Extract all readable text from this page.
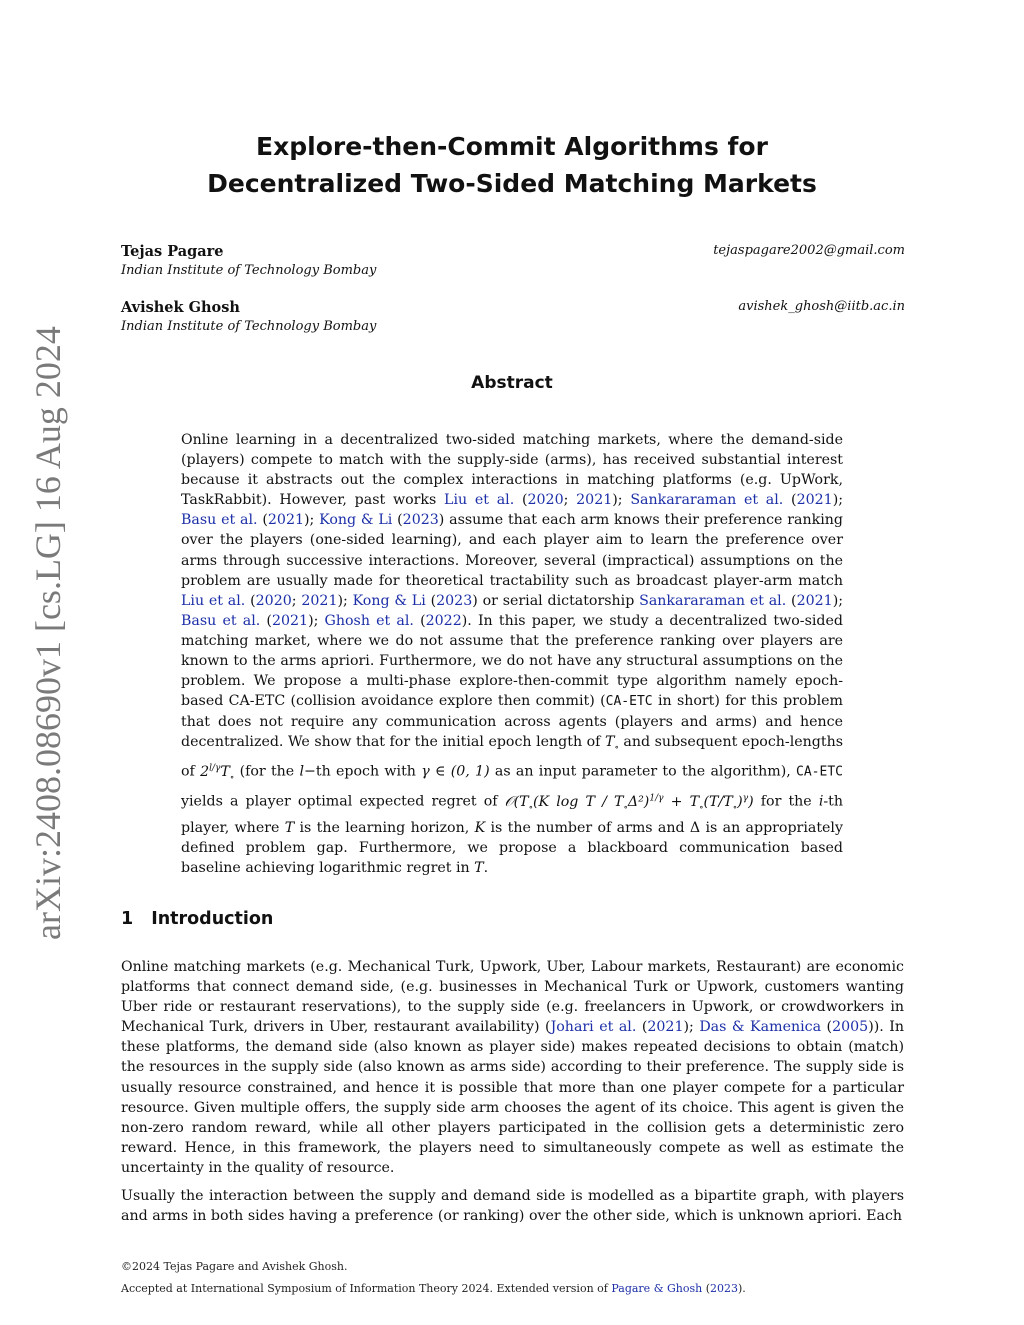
arXiv:2408.08690v1 [cs.LG] 16 Aug 2024
Explore-then-Commit Algorithms for
Decentralized Two-Sided Matching Markets
Tejas Pagare
Indian Institute of Technology Bombay
tejaspagare2002@gmail.com
Avishek Ghosh
Indian Institute of Technology Bombay
avishek_ghosh@iitb.ac.in
Abstract

Online learning in a decentralized two-sided matching markets, where the demand-side (players) compete to match with the supply-side (arms), has received substantial interest because it abstracts out the complex interactions in matching platforms (e.g. UpWork, TaskRabbit). However, past works Liu et al. (2020; 2021); Sankararaman et al. (2021); Basu et al. (2021); Kong & Li (2023) assume that each arm knows their preference ranking over the players (one-sided learning), and each player aim to learn the preference over arms through successive interactions. Moreover, several (impractical) assumptions on the problem are usually made for theoretical tractability such as broadcast player-arm match Liu et al. (2020; 2021); Kong & Li (2023) or serial dictatorship Sankararaman et al. (2021); Basu et al. (2021); Ghosh et al. (2022). In this paper, we study a decentralized two-sided matching market, where we do not assume that the preference ranking over players are known to the arms apriori. Furthermore, we do not have any structural assumptions on the problem. We propose a multi-phase explore-then-commit type algorithm namely epoch-based CA-ETC (collision avoidance explore then commit) (CA-ETC in short) for this problem that does not require any communication across agents (players and arms) and hence decentralized. We show that for the initial epoch length of $T_\circ$ and subsequent epoch-lengths of $2^{l/\gamma}T_\circ$ (for the l−th epoch with γ ∈ (0, 1) as an input parameter to the algorithm), CA-ETC yields a player optimal expected regret of $𝒪(T_\circ(K$ $\log T / T_\circ\Delta^2)^{1/\gamma} + T_\circ(T/T_\circ)^\gamma$) for the i-th player, where T is the learning horizon, K is the number of arms and Δ is an appropriately defined problem gap. Furthermore, we propose a blackboard communication based baseline achieving logarithmic regret in T.

1 Introduction

Online matching markets (e.g. Mechanical Turk, Upwork, Uber, Labour markets, Restaurant) are economic platforms that connect demand side, (e.g. businesses in Mechanical Turk or Upwork, customers wanting Uber ride or restaurant reservations), to the supply side (e.g. freelancers in Upwork, or crowdworkers in Mechanical Turk, drivers in Uber, restaurant availability) (Johari et al. (2021); Das & Kamenica (2005)). In these platforms, the demand side (also known as player side) makes repeated decisions to obtain (match) the resources in the supply side (also known as arms side) according to their preference. The supply side is usually resource constrained, and hence it is possible that more than one player compete for a particular resource. Given multiple offers, the supply side arm chooses the agent of its choice. This agent is given the non-zero random reward, while all other players participated in the collision gets a deterministic zero reward. Hence, in this framework, the players need to simultaneously compete as well as estimate the uncertainty in the quality of resource.

Usually the interaction between the supply and demand side is modelled as a bipartite graph, with players and arms in both sides having a preference (or ranking) over the other side, which is unknown apriori. Each

©2024 Tejas Pagare and Avishek Ghosh.
Accepted at International Symposium of Information Theory 2024. Extended version of Pagare & Ghosh (2023).
